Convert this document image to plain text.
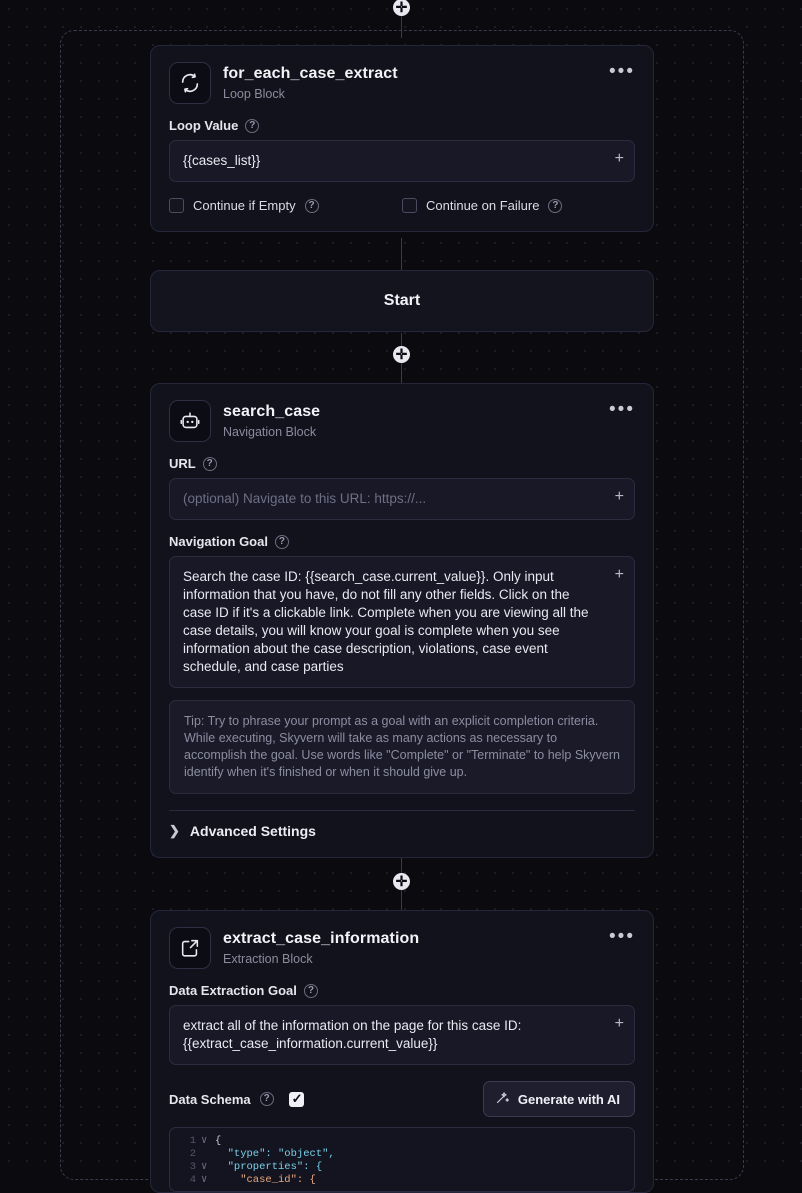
✛
✛
✛
for_each_case_extract
Loop Block
•••
Loop Value	?
{{cases_list}}	+
Continue if Empty	?	Continue on Failure	?
Start
search_case
Navigation Block
•••
URL	?
(optional) Navigate to this URL: https://...	+
Navigation Goal	?
Search the case ID: {{search_case.current_value}}. Only input information that you have, do not fill any other fields. Click on the case ID if it's a clickable link. Complete when you are viewing all the case details, you will know your goal is complete when you see information about the case description, violations, case event schedule, and case parties
+
Tip: Try to phrase your prompt as a goal with an explicit completion criteria. While executing, Skyvern will take as many actions as necessary to accomplish the goal. Use words like "Complete" or "Terminate" to help Skyvern identify when it's finished or when it should give up.
❯ Advanced Settings
extract_case_information
Extraction Block
•••
Data Extraction Goal	?
extract all of the information on the page for this case ID: {{extract_case_information.current_value}}
+
Data Schema	? ✓	Generate with AI
1 ∨ {
2 "type": "object",
3 ∨ "properties": {
4 ∨ "case_id": {
